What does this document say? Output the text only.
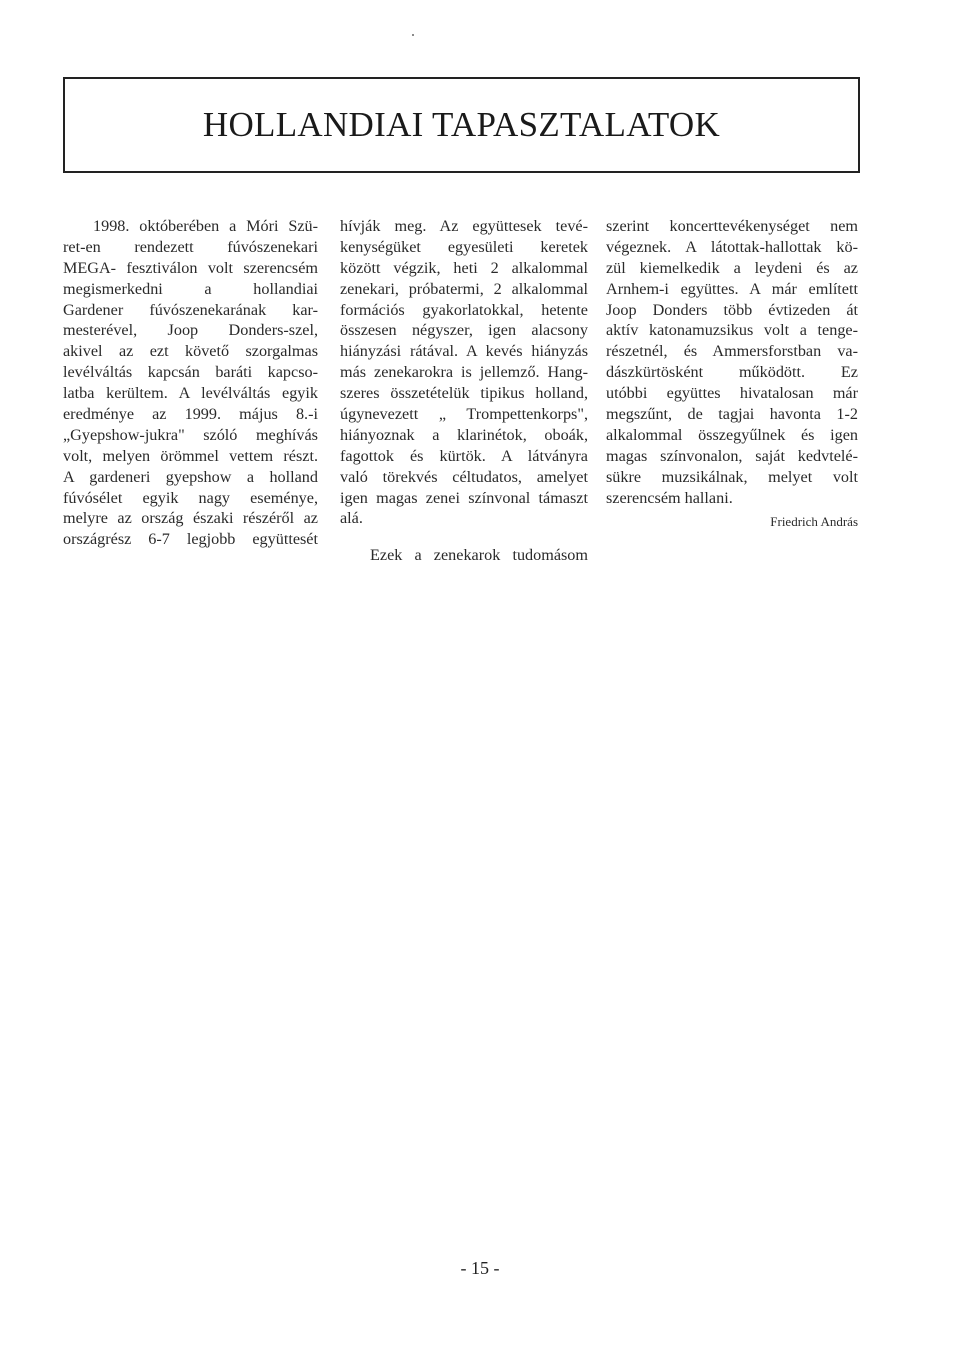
HOLLANDIAI TAPASZTALATOK
1998. októberében a Móri Szü-
ret-en rendezett fúvószenekari
MEGA- fesztiválon volt szerencsém
megismerkedni a hollandiai
Gardener fúvószenekarának kar-
mesterével, Joop Donders-szel,
akivel az ezt követő szorgalmas
levélváltás kapcsán baráti kapcso-
latba kerültem. A levélváltás egyik
eredménye az 1999. május 8.-i
„Gyepshow-jukra" szóló meghívás
volt, melyen örömmel vettem részt.
A gardeneri gyepshow a holland
fúvósélet egyik nagy eseménye,
melyre az ország északi részéről az
országrész 6-7 legjobb együttesét
hívják meg. Az együttesek tevé-
kenységüket egyesületi keretek
között végzik, heti 2 alkalommal
zenekari, próbatermi, 2 alkalommal
formációs gyakorlatokkal, hetente
összesen négyszer, igen alacsony
hiányzási rátával. A kevés hiányzás
más zenekarokra is jellemző. Hang-
szeres összetételük tipikus holland,
úgynevezett „ Trompettenkorps",
hiányoznak a klarinétok, oboák,
fagottok és kürtök. A látványra
való törekvés céltudatos, amelyet
igen magas zenei színvonal támaszt
alá.
Ezek a zenekarok tudomásom
szerint koncerttevékenységet nem
végeznek. A látottak-hallottak kö-
zül kiemelkedik a leydeni és az
Arnhem-i együttes. A már említett
Joop Donders több évtizeden át
aktív katonamuzsikus volt a tenge-
részetnél, és Ammersforstban va-
dászkürtösként működött. Ez
utóbbi együttes hivatalosan már
megszűnt, de tagjai havonta 1-2
alkalommal összegyűlnek és igen
magas színvonalon, saját kedvtelé-
sükre muzsikálnak, melyet volt
szerencsém hallani.
Friedrich András
- 15 -
